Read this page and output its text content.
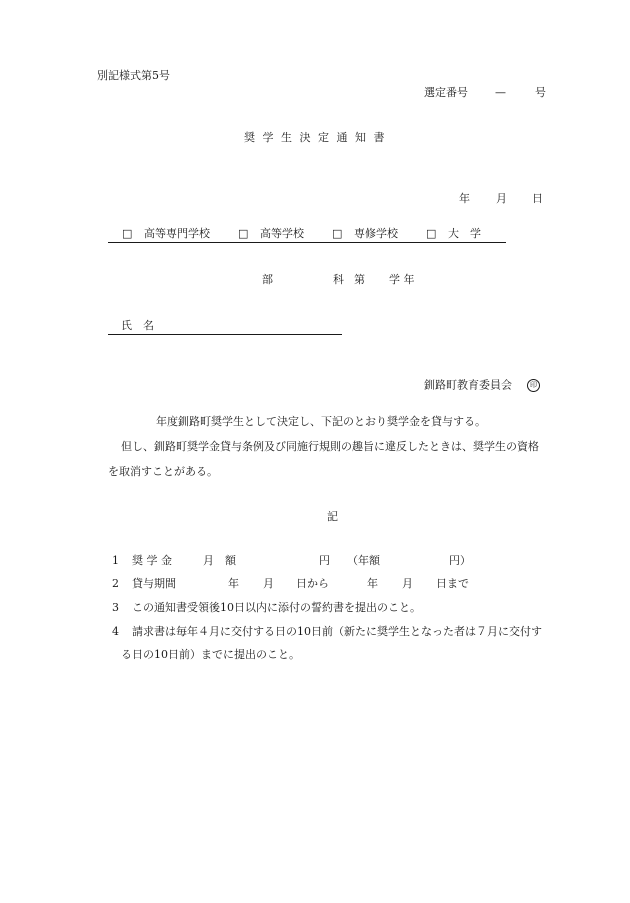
別記様式第5号
選定番号 —	号
奨 学 生 決 定 通 知 書
年 月 日
□ 高等専門学校	□ 高等学校	□ 専修学校	□ 大　学
部	科 第 学 年
氏　名
釧路町教育委員会	印
年度釧路町奨学生として決定し、下記のとおり奨学金を貸与する。
但し、釧路町奨学金貸与条例及び同施行規則の趣旨に違反したときは、奨学生の資格
を取消すことがある。
記
1 奨 学 金	月　額	円 （年額	円）
2 貸与期間	年 月 日から	年 月 日まで
3 この通知書受領後10日以内に添付の誓約書を提出のこと。
4 請求書は毎年４月に交付する日の10日前（新たに奨学生となった者は７月に交付す
る日の10日前）までに提出のこと。
